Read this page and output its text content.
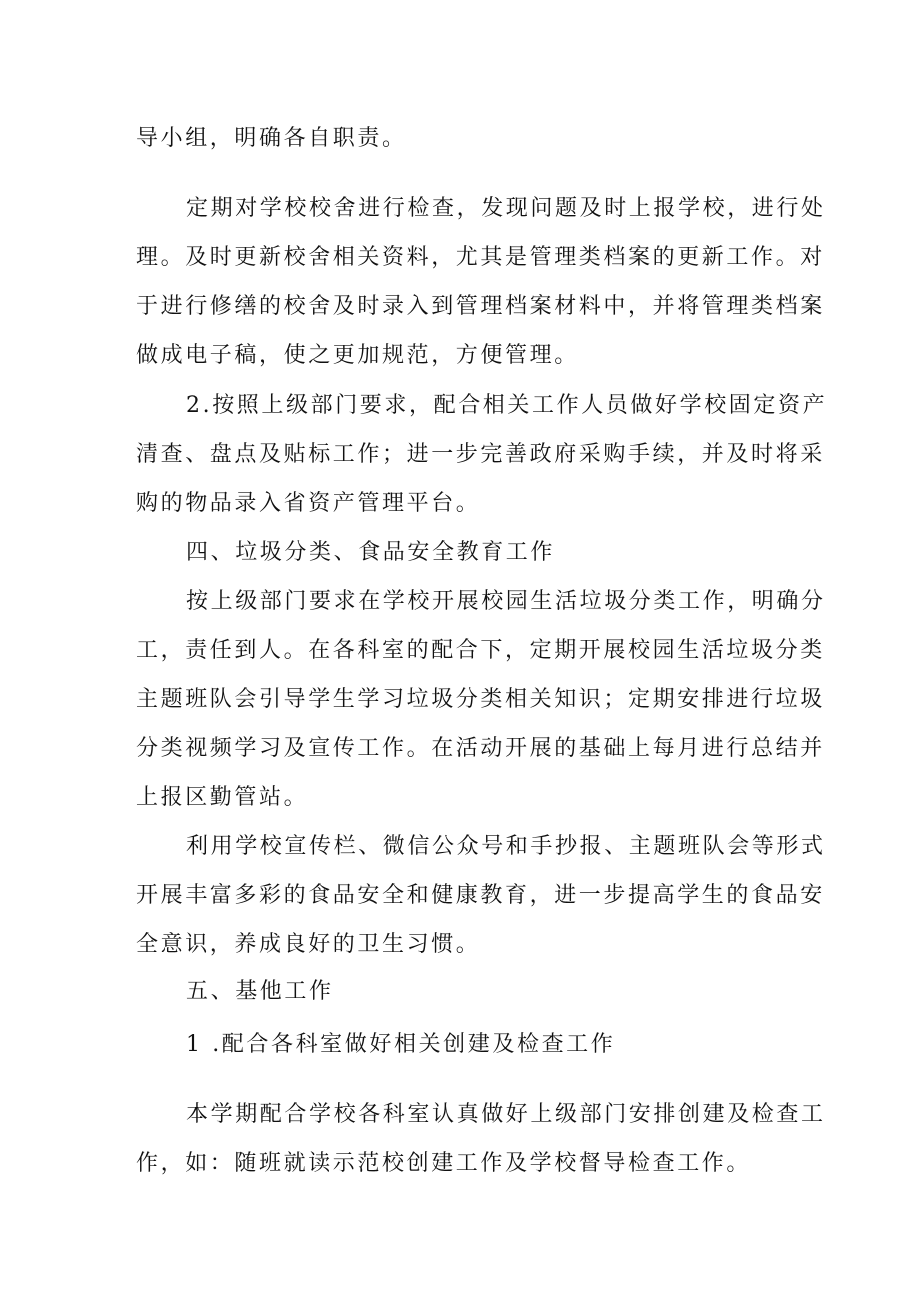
导小组，明确各自职责。
定期对学校校舍进行检查，发现问题及时上报学校，进行处
理。及时更新校舍相关资料，尤其是管理类档案的更新工作。对
于进行修缮的校舍及时录入到管理档案材料中，并将管理类档案
做成电子稿，使之更加规范，方便管理。
2.按照上级部门要求，配合相关工作人员做好学校固定资产
清查、盘点及贴标工作；进一步完善政府采购手续，并及时将采
购的物品录入省资产管理平台。
四、垃圾分类、食品安全教育工作
按上级部门要求在学校开展校园生活垃圾分类工作，明确分
工，责任到人。在各科室的配合下，定期开展校园生活垃圾分类
主题班队会引导学生学习垃圾分类相关知识；定期安排进行垃圾
分类视频学习及宣传工作。在活动开展的基础上每月进行总结并
上报区勤管站。
利用学校宣传栏、微信公众号和手抄报、主题班队会等形式
开展丰富多彩的食品安全和健康教育，进一步提高学生的食品安
全意识，养成良好的卫生习惯。
五、基他工作
1 .配合各科室做好相关创建及检查工作
本学期配合学校各科室认真做好上级部门安排创建及检查工
作，如：随班就读示范校创建工作及学校督导检查工作。
